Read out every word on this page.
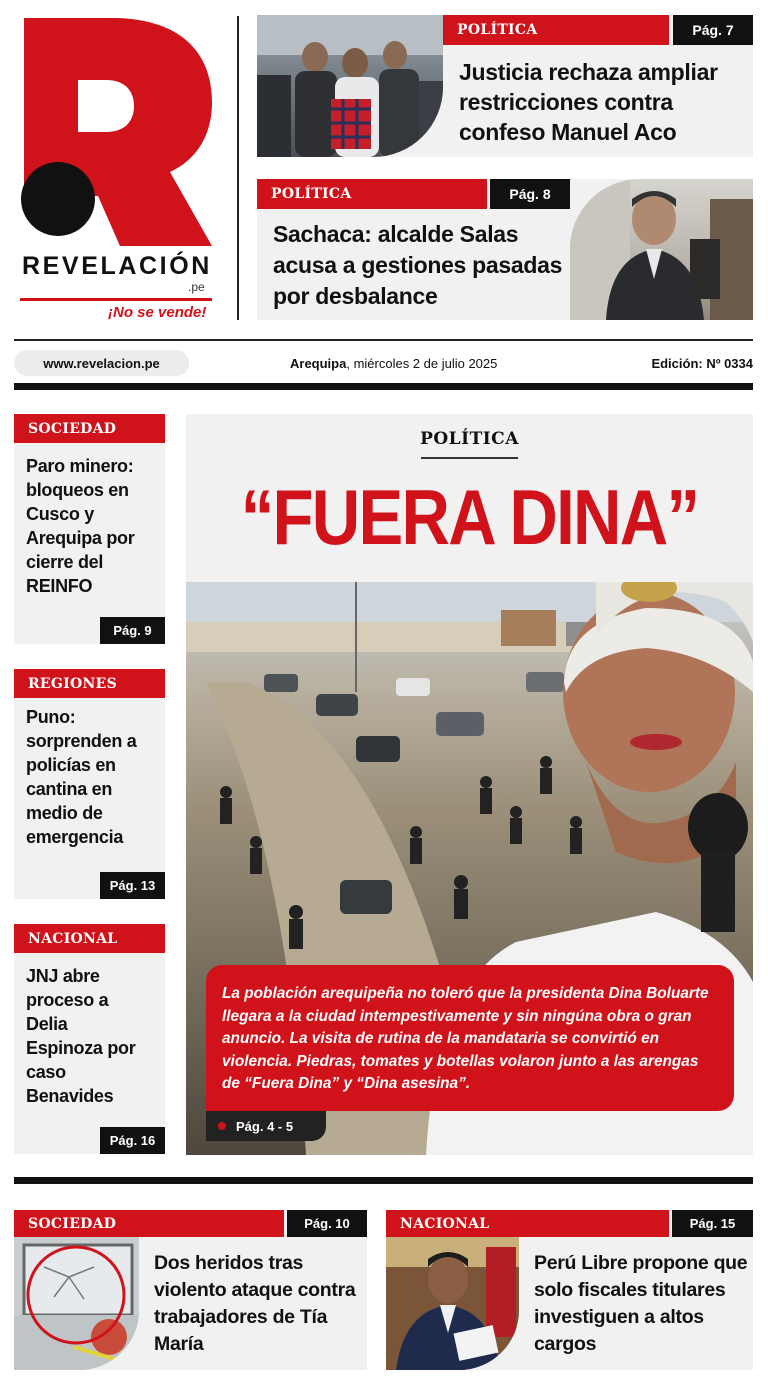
REVELACIÓN
.pe
¡No se vende!
POLÍTICA	Pág. 7
Justicia rechaza ampliar restricciones contra confeso Manuel Aco
POLÍTICA	Pág. 8
Sachaca: alcalde Salas acusa a gestiones pasadas por desbalance
www.revelacion.pe	Arequipa, miércoles 2 de julio 2025	Edición: Nº 0334
SOCIEDAD
Paro minero: bloqueos en Cusco y Arequipa por cierre del REINFO
Pág. 9
REGIONES
Puno: sorprenden a policías en cantina en medio de emergencia
Pág. 13
NACIONAL
JNJ abre proceso a Delia Espinoza por caso Benavides
Pág. 16
POLÍTICA
“FUERA DINA”
La población arequipeña no toleró que la presidenta Dina Boluarte llegara a la ciudad intempestivamente y sin ningúna obra o gran anuncio. La visita de rutina de la mandataria se convirtió en violencia. Piedras, tomates y botellas volaron junto a las arengas de “Fuera Dina” y “Dina asesina”.
Pág. 4 - 5
SOCIEDAD	Pág. 10
Dos heridos tras violento ataque contra trabajadores de Tía María
NACIONAL	Pág. 15
Perú Libre propone que solo fiscales titulares investiguen a altos cargos
